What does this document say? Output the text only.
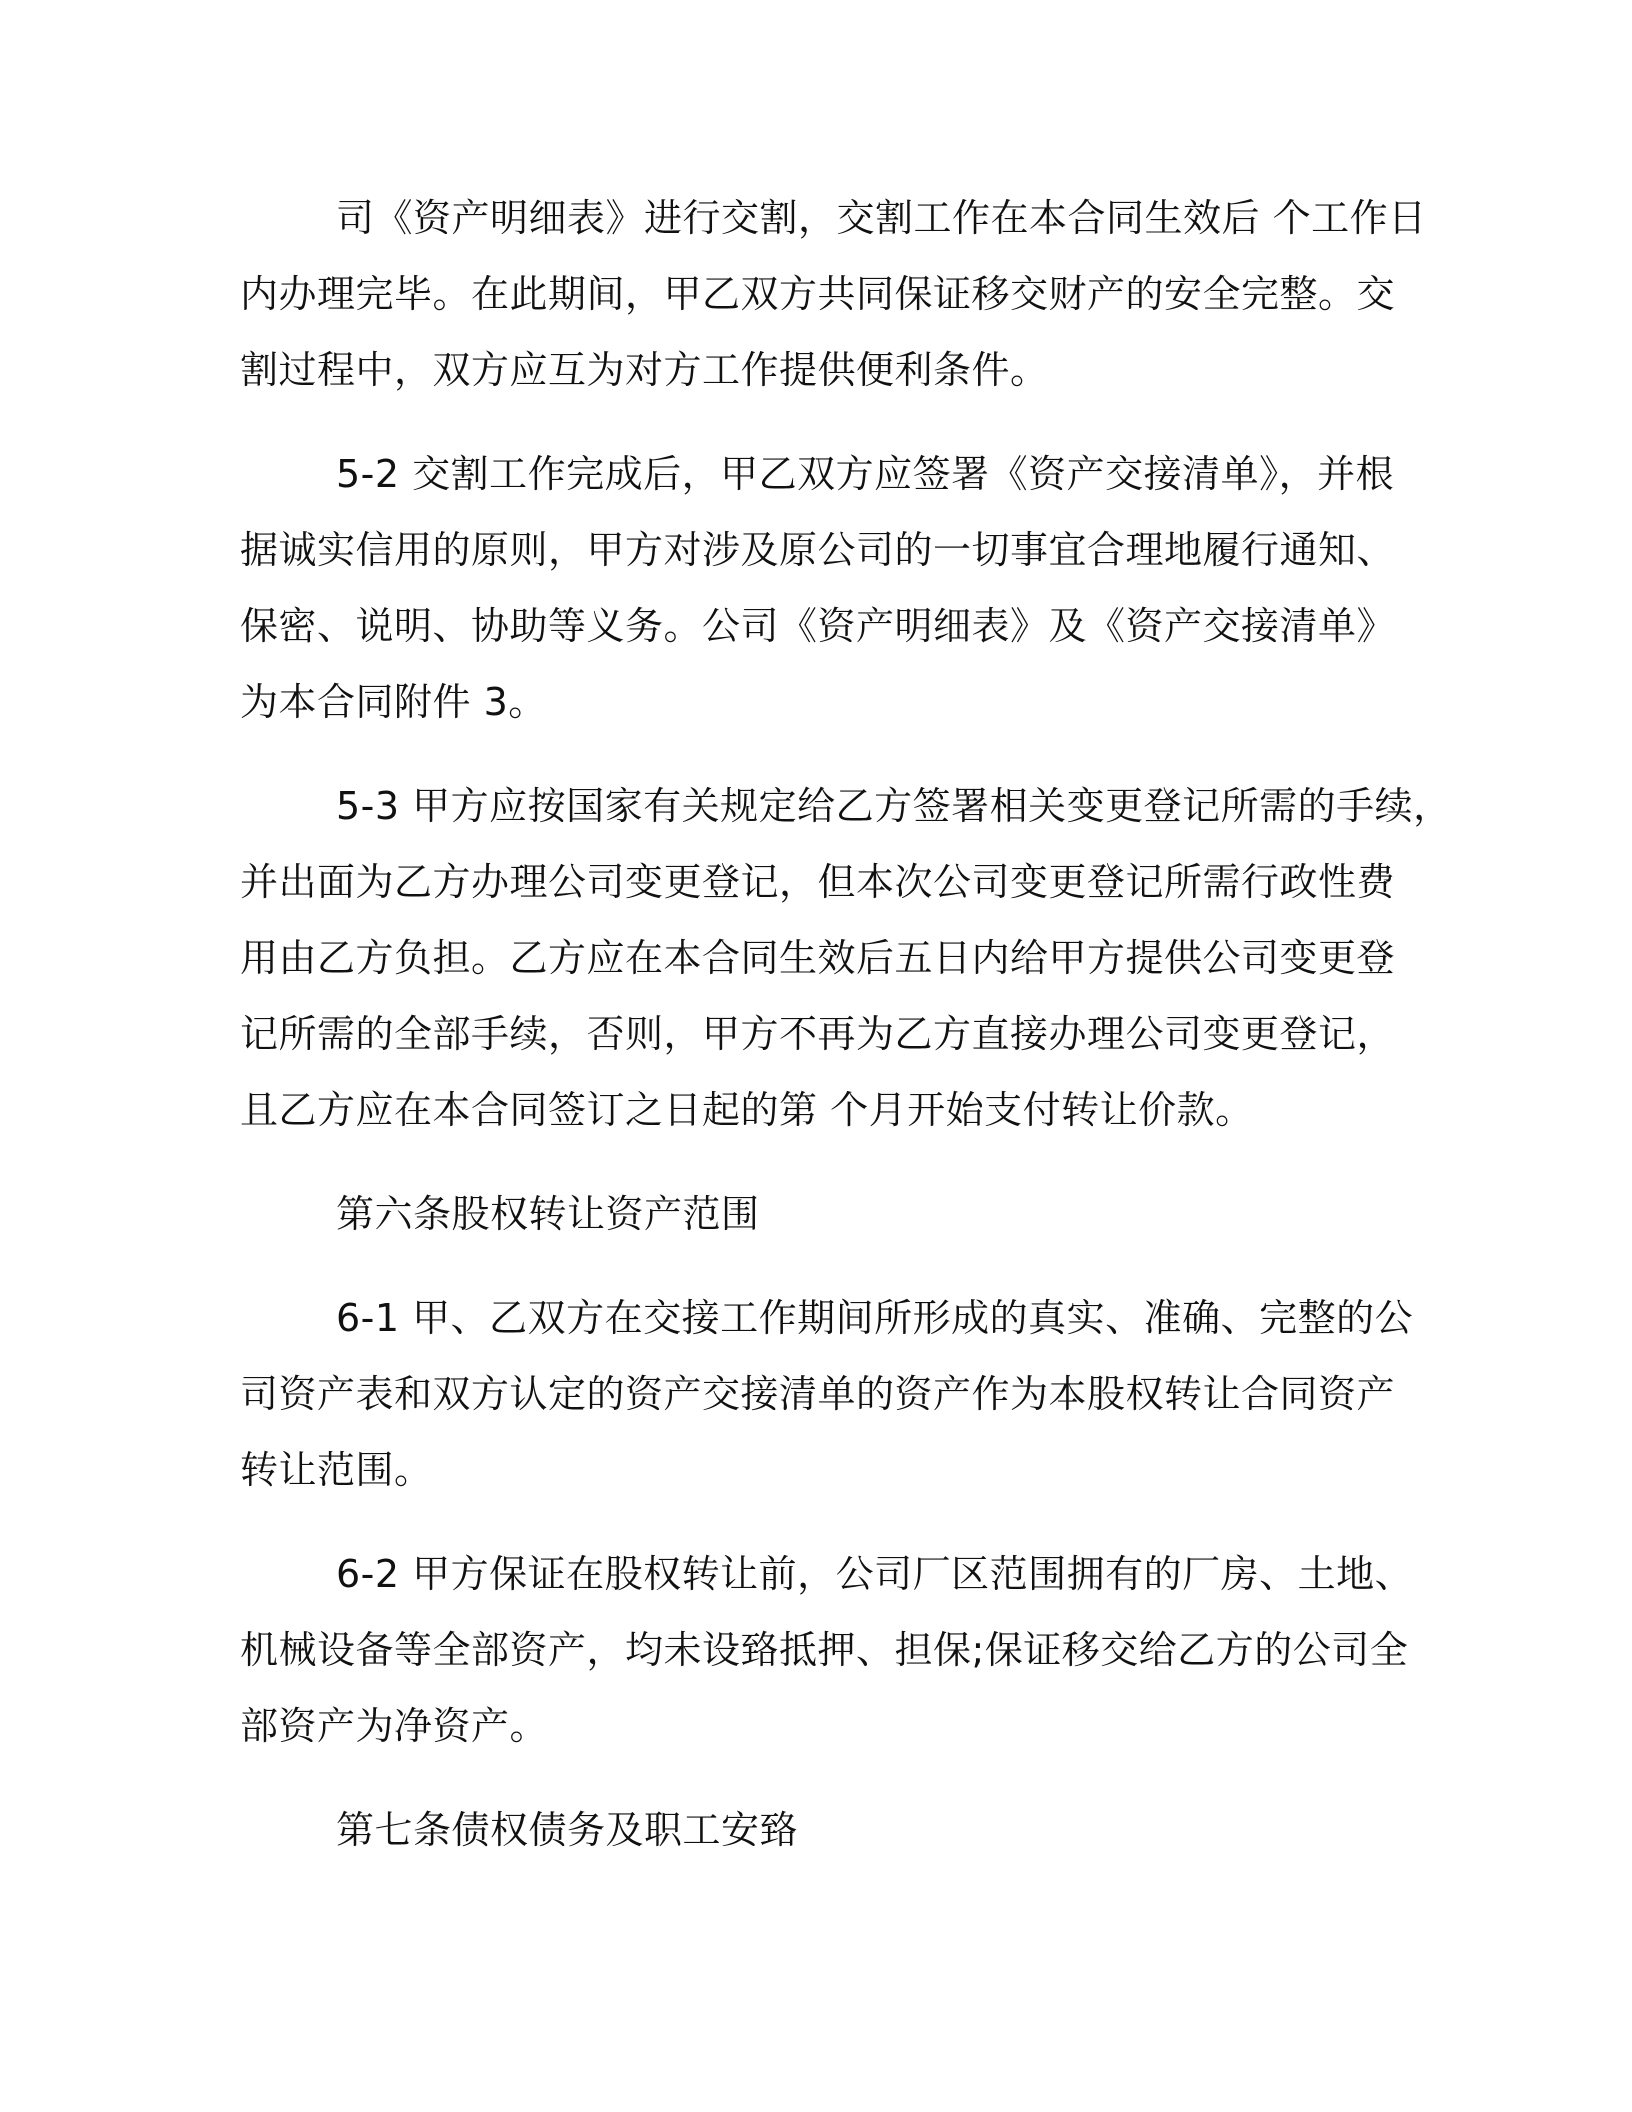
司《资产明细表》进行交割，交割工作在本合同生效后 个工作日
内办理完毕。在此期间，甲乙双方共同保证移交财产的安全完整。交
割过程中，双方应互为对方工作提供便利条件。
5-2 交割工作完成后，甲乙双方应签署《资产交接清单》，并根
据诚实信用的原则，甲方对涉及原公司的一切事宜合理地履行通知、
保密、说明、协助等义务。公司《资产明细表》及《资产交接清单》
为本合同附件 3。
5-3 甲方应按国家有关规定给乙方签署相关变更登记所需的手续，
并出面为乙方办理公司变更登记，但本次公司变更登记所需行政性费
用由乙方负担。乙方应在本合同生效后五日内给甲方提供公司变更登
记所需的全部手续，否则，甲方不再为乙方直接办理公司变更登记，
且乙方应在本合同签订之日起的第 个月开始支付转让价款。
第六条股权转让资产范围
6-1 甲、乙双方在交接工作期间所形成的真实、准确、完整的公
司资产表和双方认定的资产交接清单的资产作为本股权转让合同资产
转让范围。
6-2 甲方保证在股权转让前，公司厂区范围拥有的厂房、土地、
机械设备等全部资产，均未设臵抵押、担保;保证移交给乙方的公司全
部资产为净资产。
第七条债权债务及职工安臵
